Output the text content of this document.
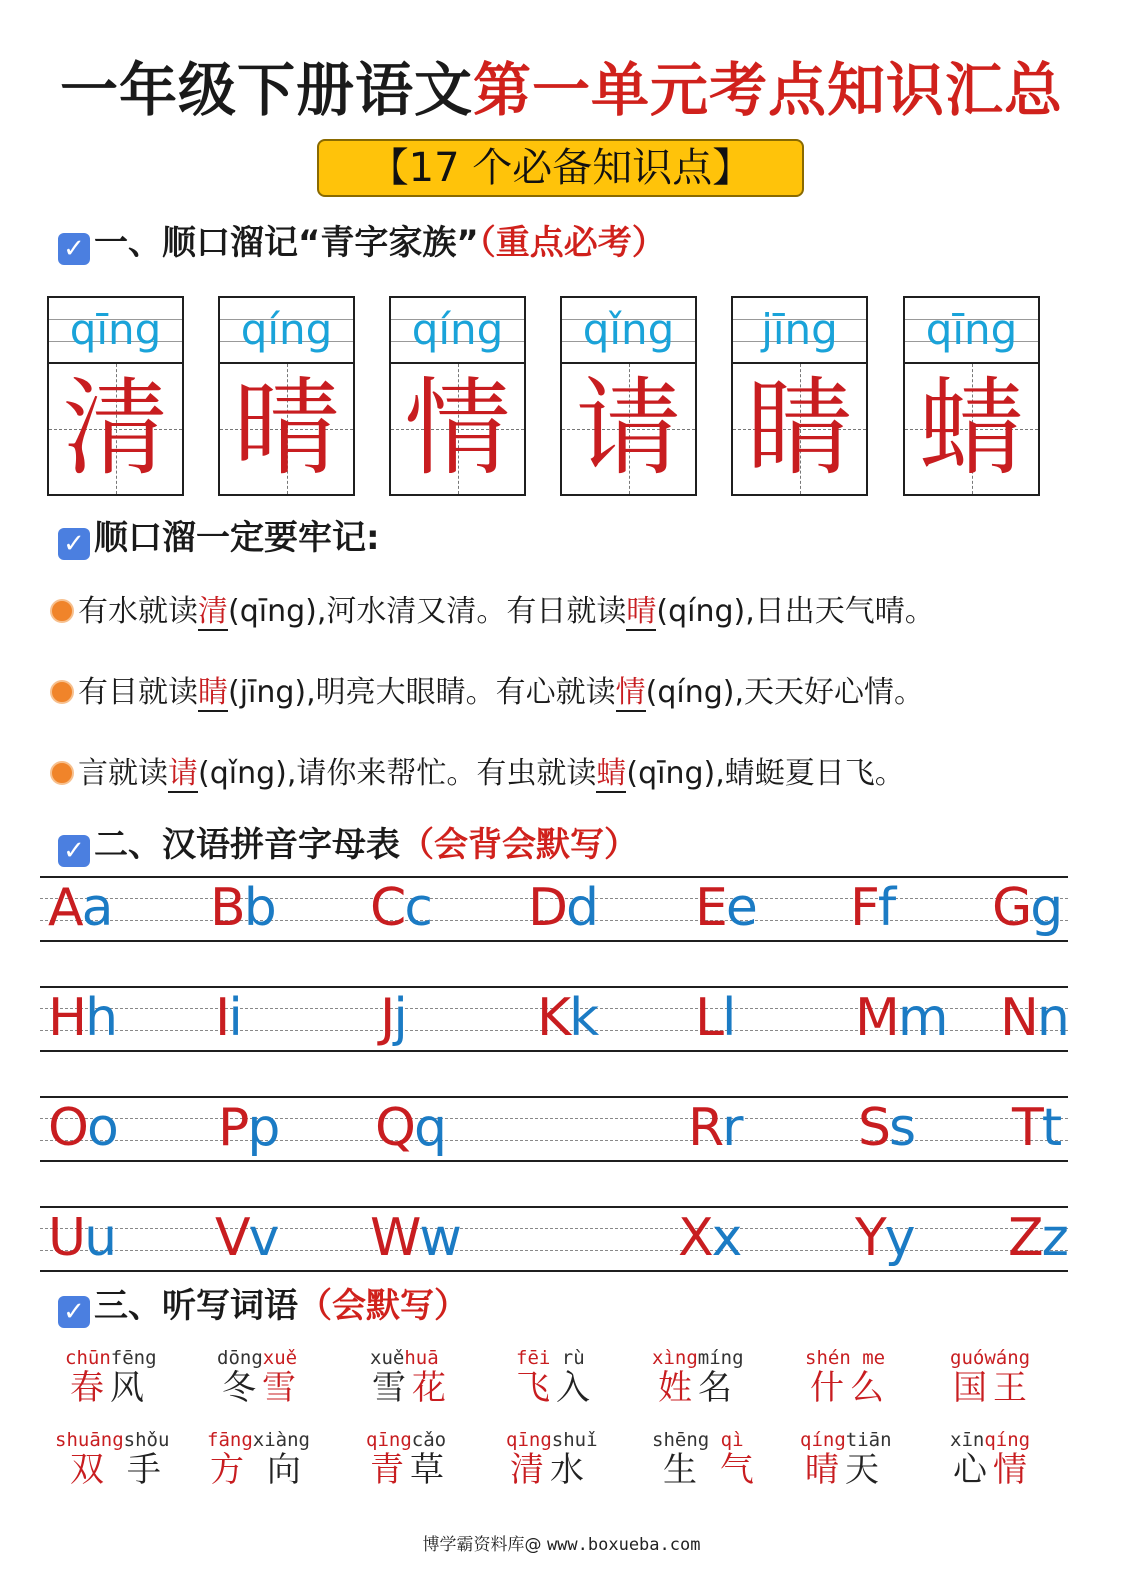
一年级下册语文第一单元考点知识汇总
【17 个必备知识点】
✓ 一、顺口溜记“青字家族”（重点必考）
qīng
清
qíng
晴
qíng
情
qǐng
请
jīng
睛
qīng
蜻
✓ 顺口溜一定要牢记:
有水就读清(qīng),河水清又清。有日就读晴(qíng),日出天气晴。
有目就读睛(jīng),明亮大眼睛。有心就读情(qíng),天天好心情。
言就读请(qǐng),请你来帮忙。有虫就读蜻(qīng),蜻蜓夏日飞。
✓ 二、汉语拼音字母表（会背会默写）
Aa Bb Cc Dd Ee Ff Gg
Hh Ii	Jj	Kk Ll Mm Nn
Oo Pp Qq	Rr Ss Tt
Uu Vv Ww	Xx Yy Zz
✓ 三、听写词语（会默写）
chūnfēng
春风
dōngxuě
冬雪
xuěhuā
雪花
fēi rù
飞入
xìngmíng
姓名
shén me
什么
guówáng
国王
shuāngshǒu
双 手
fāngxiàng
方 向
qīngcǎo
青草
qīngshuǐ
清水
shēng qì
生 气
qíngtiān
晴天
xīnqíng
心情
博学霸资料库@ www.boxueba.com
